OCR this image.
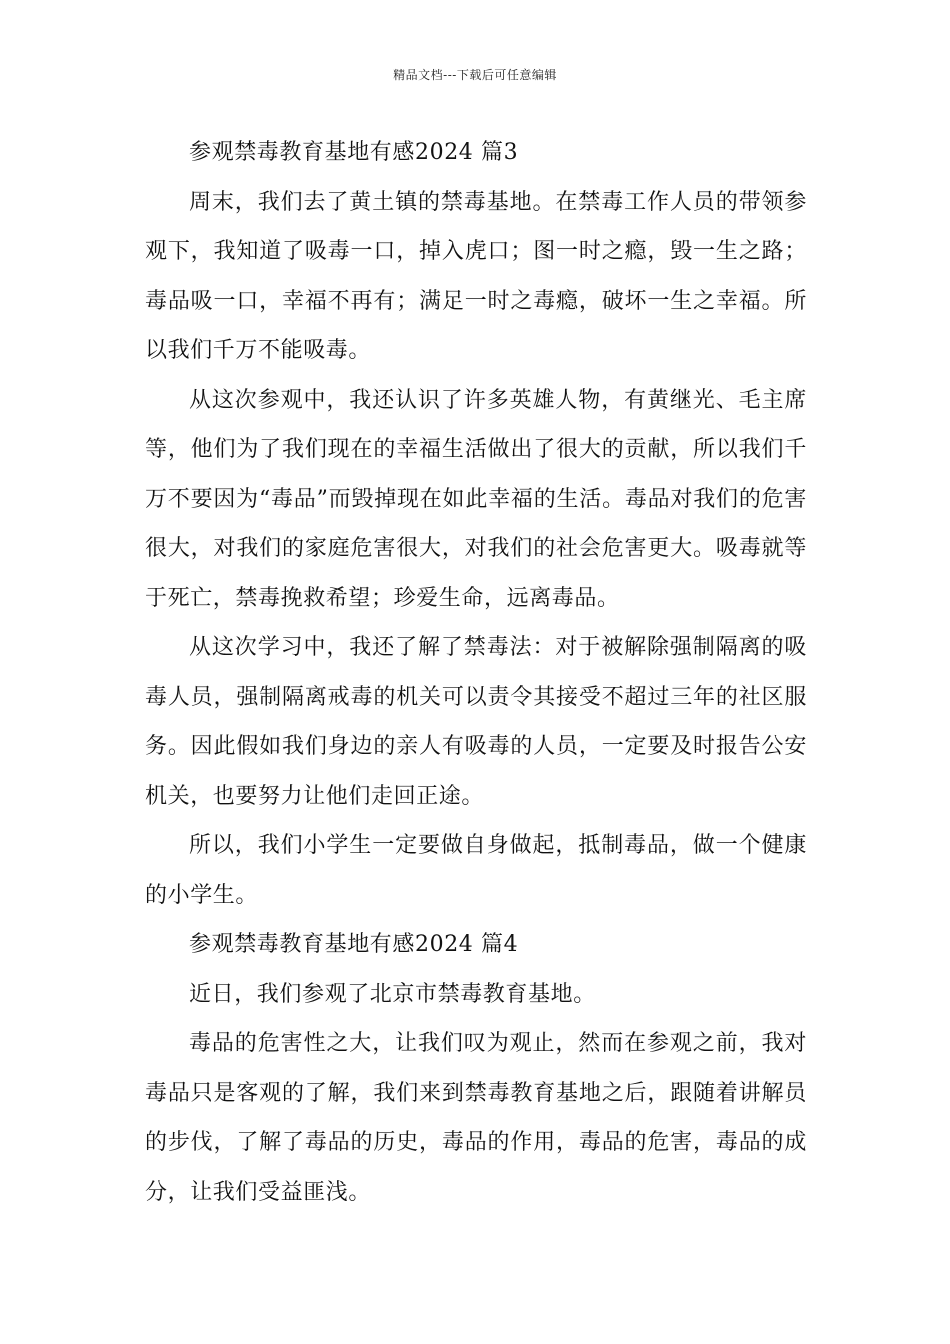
精品文档---下载后可任意编辑

参观禁毒教育基地有感2024 篇3

周末，我们去了黄土镇的禁毒基地。在禁毒工作人员的带领参观下，我知道了吸毒一口，掉入虎口；图一时之瘾，毁一生之路；毒品吸一口，幸福不再有；满足一时之毒瘾，破坏一生之幸福。所以我们千万不能吸毒。

从这次参观中，我还认识了许多英雄人物，有黄继光、毛主席等，他们为了我们现在的幸福生活做出了很大的贡献，所以我们千万不要因为“毒品”而毁掉现在如此幸福的生活。毒品对我们的危害很大，对我们的家庭危害很大，对我们的社会危害更大。吸毒就等于死亡，禁毒挽救希望；珍爱生命，远离毒品。

从这次学习中，我还了解了禁毒法：对于被解除强制隔离的吸毒人员，强制隔离戒毒的机关可以责令其接受不超过三年的社区服务。因此假如我们身边的亲人有吸毒的人员，一定要及时报告公安机关，也要努力让他们走回正途。

所以，我们小学生一定要做自身做起，抵制毒品，做一个健康的小学生。

参观禁毒教育基地有感2024 篇4

近日，我们参观了北京市禁毒教育基地。

毒品的危害性之大，让我们叹为观止，然而在参观之前，我对毒品只是客观的了解，我们来到禁毒教育基地之后，跟随着讲解员的步伐，了解了毒品的历史，毒品的作用，毒品的危害，毒品的成分，让我们受益匪浅。
